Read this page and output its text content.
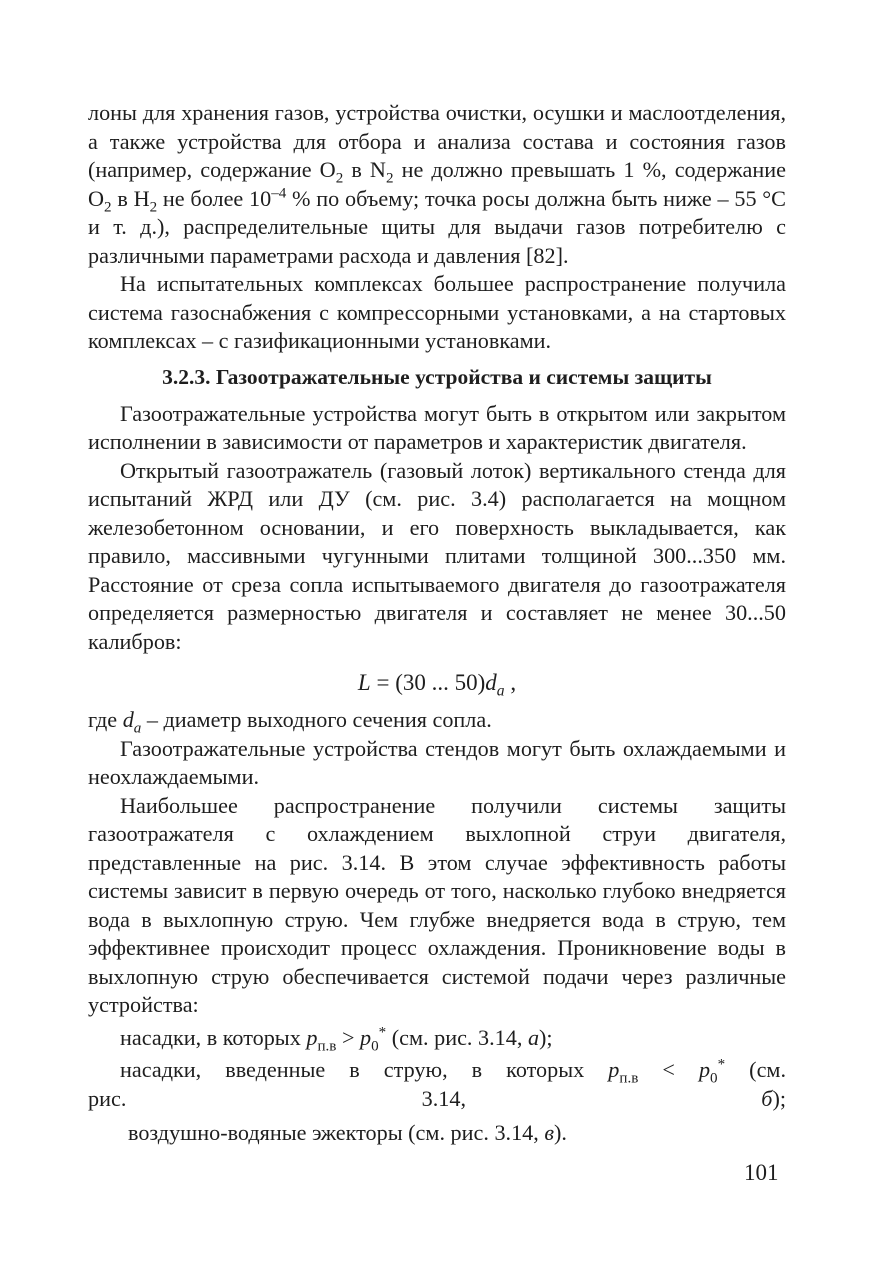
лоны для хранения газов, устройства очистки, осушки и маслоотделения, а также устройства для отбора и анализа состава и состояния газов (например, содержание $O_2$ в $N_2$ не должно превышать 1 %, содержание $O_2$ в $H_2$ не более $10^{-4}$ % по объему; точка росы должна быть ниже – 55 °C и т. д.), распределительные щиты для выдачи газов потребителю с различными параметрами расхода и давления [82].

На испытательных комплексах большее распространение получила система газоснабжения с компрессорными установками, а на стартовых комплексах – с газификационными установками.

3.2.3. Газоотражательные устройства и системы защиты

Газоотражательные устройства могут быть в открытом или закрытом исполнении в зависимости от параметров и характеристик двигателя.

Открытый газоотражатель (газовый лоток) вертикального стенда для испытаний ЖРД или ДУ (см. рис. 3.4) располагается на мощном железобетонном основании, и его поверхность выкладывается, как правило, массивными чугунными плитами толщиной 300...350 мм. Расстояние от среза сопла испытываемого двигателя до газоотражателя определяется размерностью двигателя и составляет не менее 30...50 калибров:

L = (30 ... $50)d_a$ ,

где $d_a$ – диаметр выходного сечения сопла.

Газоотражательные устройства стендов могут быть охлаждаемыми и неохлаждаемыми.

Наибольшее распространение получили системы защиты газоотражателя с охлаждением выхлопной струи двигателя, представленные на рис. 3.14. В этом случае эффективность работы системы зависит в первую очередь от того, насколько глубоко внедряется вода в выхлопную струю. Чем глубже внедряется вода в струю, тем эффективнее происходит процесс охлаждения. Проникновение воды в выхлопную струю обеспечивается системой подачи через различные устройства:

насадки, в которых $p_{п.в} > p_0^*$ (см. рис. 3.14, а);

насадки, введенные в струю, в которых $p_{п.в} < p_0^*$ (см. рис. 3.14, б);

воздушно-водяные эжекторы (см. рис. 3.14, в).

101
